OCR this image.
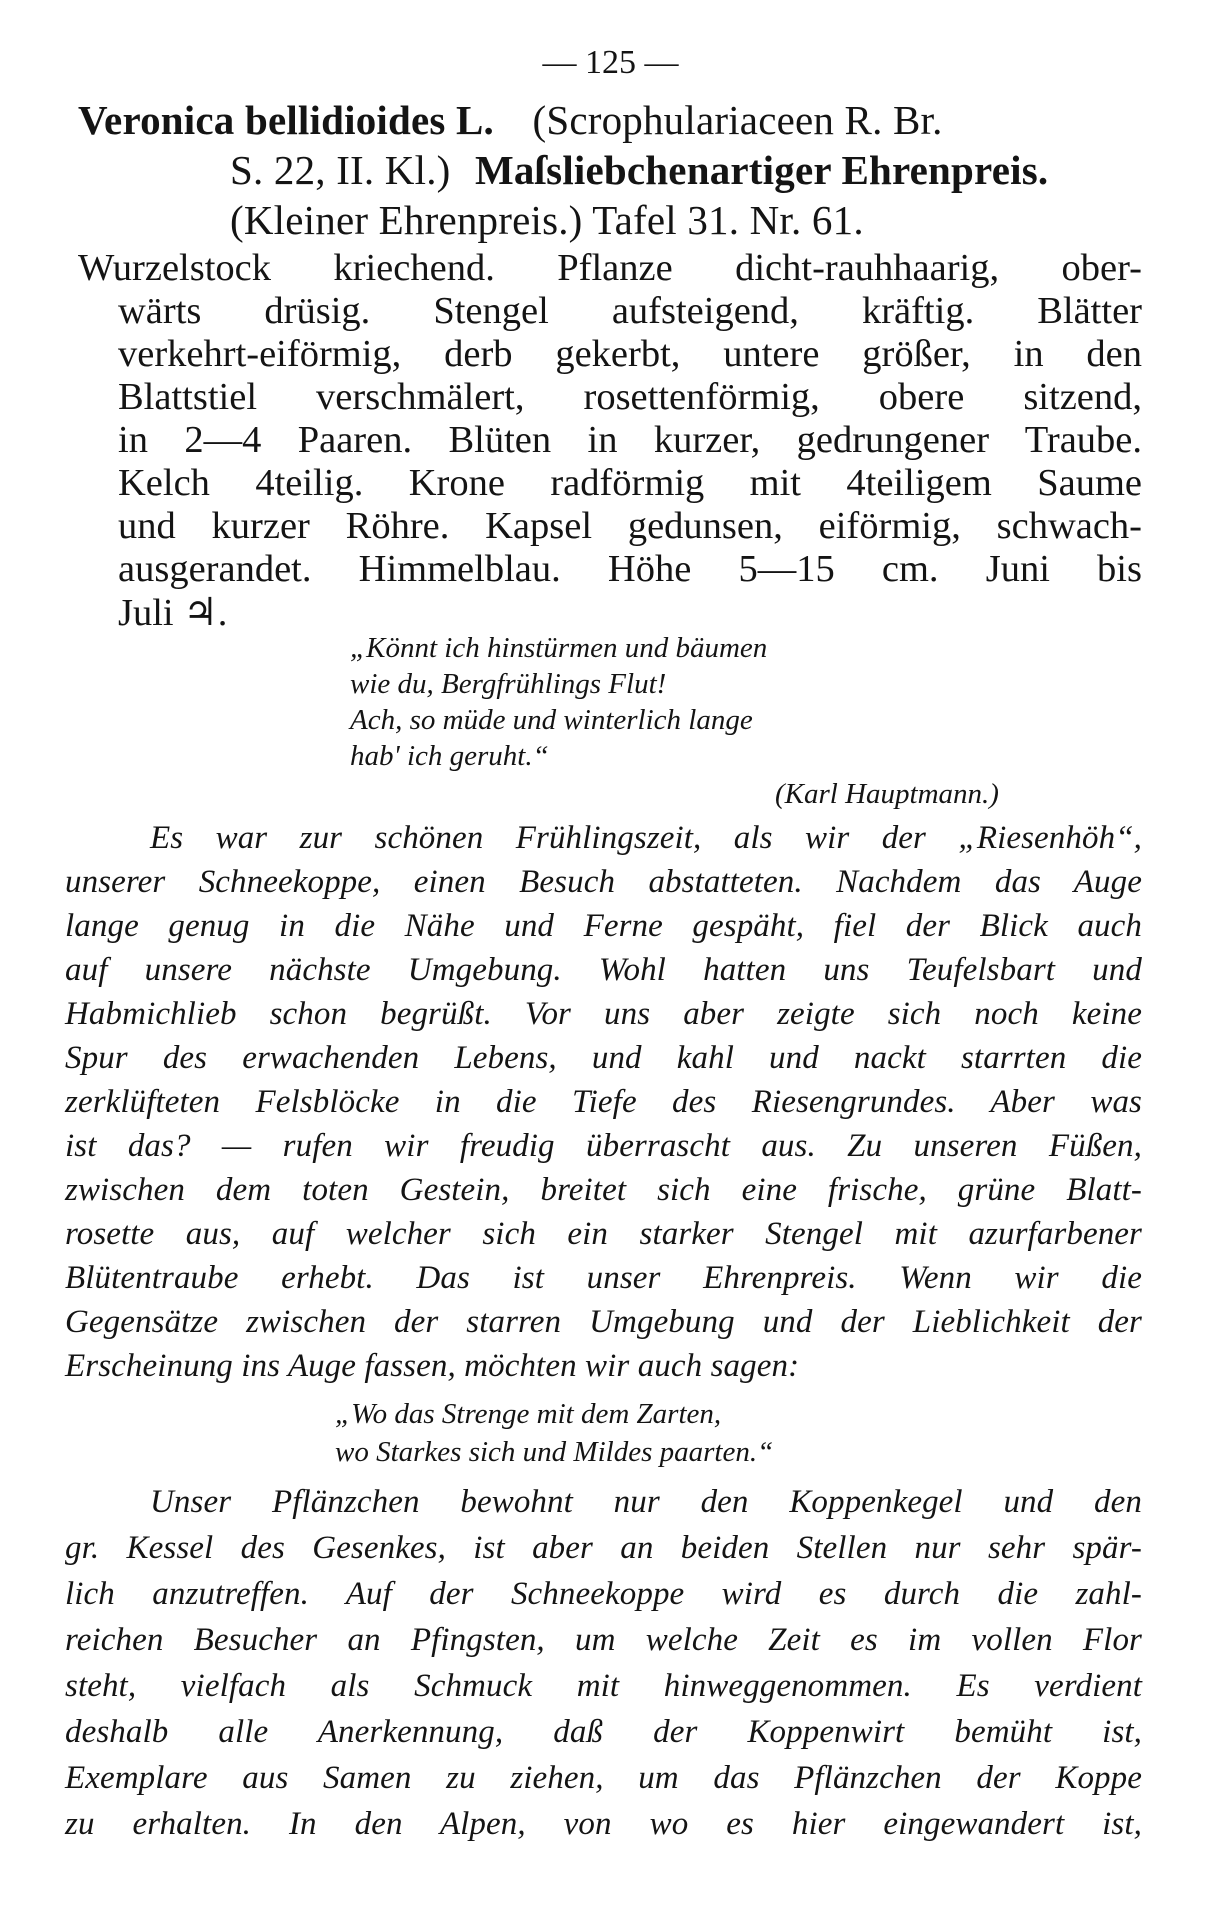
— 125 —
Veronica bellidioides L. (Scrophulariaceen R. Br.
S. 22, II. Kl.) Maſsliebchenartiger Ehrenpreis.
(Kleiner Ehrenpreis.) Tafel 31. Nr. 61.
Wurzelstock kriechend. Pflanze dicht-rauhhaarig, ober-
wärts drüsig. Stengel aufsteigend, kräftig. Blätter
verkehrt-eiförmig, derb gekerbt, untere größer, in den
Blattstiel verschmälert, rosettenförmig, obere sitzend,
in 2—4 Paaren. Blüten in kurzer, gedrungener Traube.
Kelch 4teilig. Krone radförmig mit 4teiligem Saume
und kurzer Röhre. Kapsel gedunsen, eiförmig, schwach-
ausgerandet. Himmelblau. Höhe 5—15 cm. Juni bis
Juli ♃.
„Könnt ich hinstürmen und bäumen
wie du, Bergfrühlings Flut!
Ach, so müde und winterlich lange
hab' ich geruht.“
(Karl Hauptmann.)
Es war zur schönen Frühlingszeit, als wir der „Riesenhöh“,
unserer Schneekoppe, einen Besuch abstatteten. Nachdem das Auge
lange genug in die Nähe und Ferne gespäht, fiel der Blick auch
auf unsere nächste Umgebung. Wohl hatten uns Teufelsbart und
Habmichlieb schon begrüßt. Vor uns aber zeigte sich noch keine
Spur des erwachenden Lebens, und kahl und nackt starrten die
zerklüfteten Felsblöcke in die Tiefe des Riesengrundes. Aber was
ist das? — rufen wir freudig überrascht aus. Zu unseren Füßen,
zwischen dem toten Gestein, breitet sich eine frische, grüne Blatt-
rosette aus, auf welcher sich ein starker Stengel mit azurfarbener
Blütentraube erhebt. Das ist unser Ehrenpreis. Wenn wir die
Gegensätze zwischen der starren Umgebung und der Lieblichkeit der
Erscheinung ins Auge fassen, möchten wir auch sagen:
„Wo das Strenge mit dem Zarten,
wo Starkes sich und Mildes paarten.“
Unser Pflänzchen bewohnt nur den Koppenkegel und den
gr. Kessel des Gesenkes, ist aber an beiden Stellen nur sehr spär-
lich anzutreffen. Auf der Schneekoppe wird es durch die zahl-
reichen Besucher an Pfingsten, um welche Zeit es im vollen Flor
steht, vielfach als Schmuck mit hinweggenommen. Es verdient
deshalb alle Anerkennung, daß der Koppenwirt bemüht ist,
Exemplare aus Samen zu ziehen, um das Pflänzchen der Koppe
zu erhalten. In den Alpen, von wo es hier eingewandert ist,
